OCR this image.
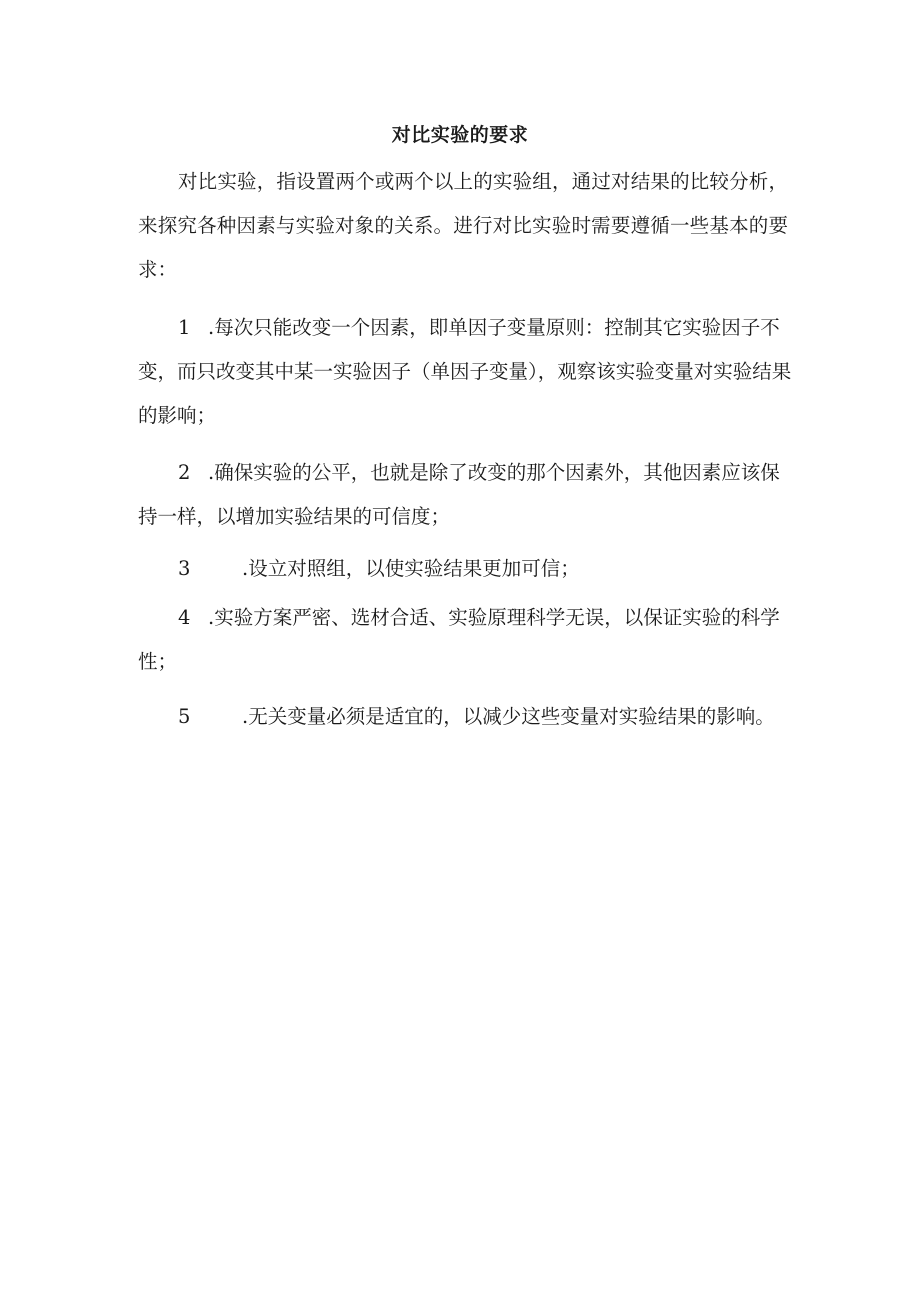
对比实验的要求

对比实验，指设置两个或两个以上的实验组，通过对结果的比较分析，来探究各种因素与实验对象的关系。进行对比实验时需要遵循一些基本的要求：

1 .每次只能改变一个因素，即单因子变量原则：控制其它实验因子不变，而只改变其中某一实验因子（单因子变量），观察该实验变量对实验结果的影响；

2 .确保实验的公平，也就是除了改变的那个因素外，其他因素应该保持一样，以增加实验结果的可信度；

3	.设立对照组，以使实验结果更加可信；

4 .实验方案严密、选材合适、实验原理科学无误，以保证实验的科学性；

5	.无关变量必须是适宜的，以减少这些变量对实验结果的影响。
